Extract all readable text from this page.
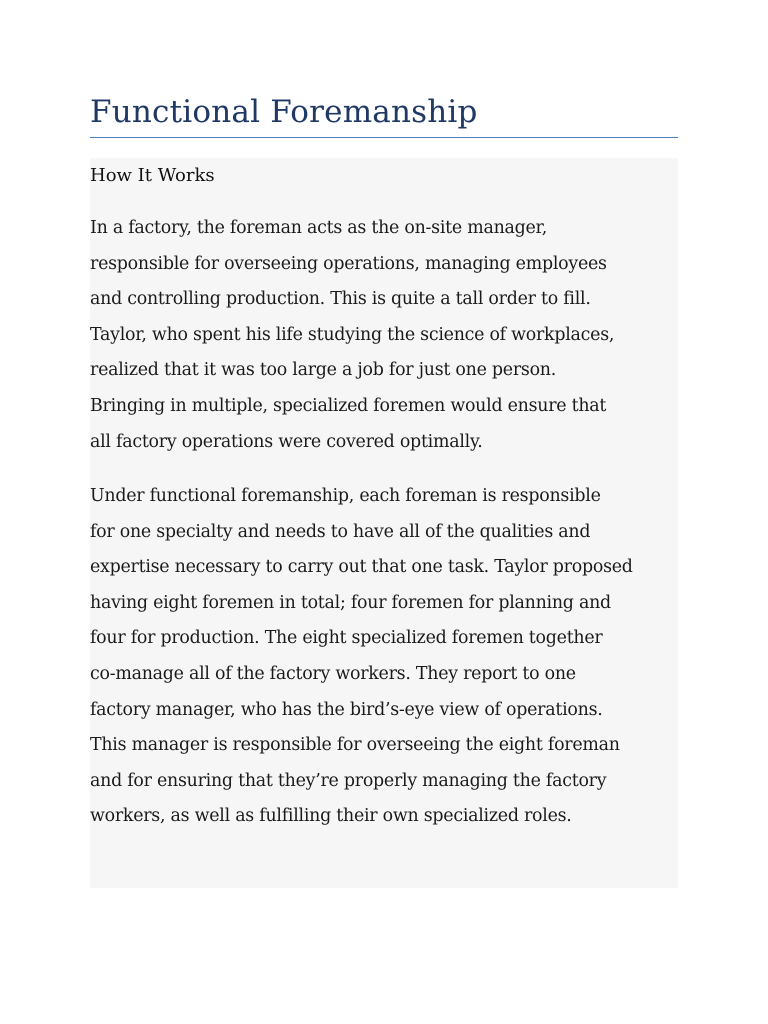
Functional Foremanship
How It Works

In a factory, the foreman acts as the on-site manager,
responsible for overseeing operations, managing employees
and controlling production. This is quite a tall order to fill.
Taylor, who spent his life studying the science of workplaces,
realized that it was too large a job for just one person.
Bringing in multiple, specialized foremen would ensure that
all factory operations were covered optimally.

Under functional foremanship, each foreman is responsible
for one specialty and needs to have all of the qualities and
expertise necessary to carry out that one task. Taylor proposed
having eight foremen in total; four foremen for planning and
four for production. The eight specialized foremen together
co-manage all of the factory workers. They report to one
factory manager, who has the bird’s-eye view of operations.
This manager is responsible for overseeing the eight foreman
and for ensuring that they’re properly managing the factory
workers, as well as fulfilling their own specialized roles.
